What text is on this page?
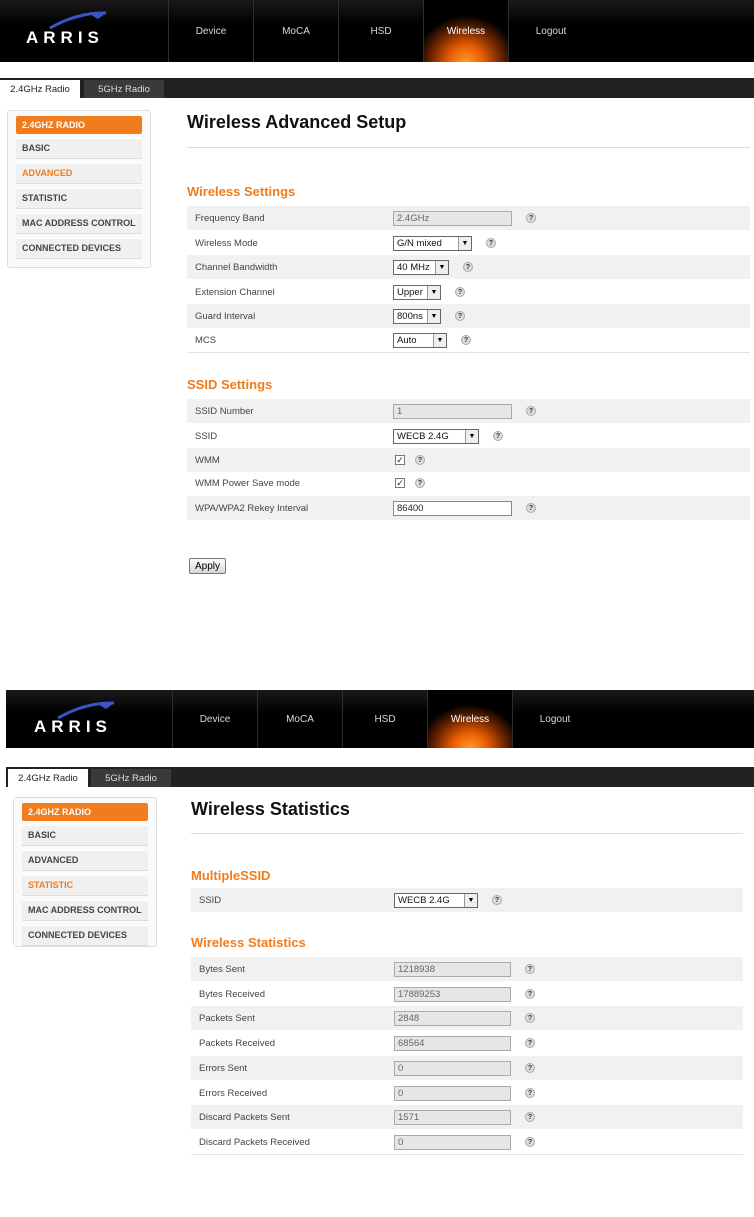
ARRIS	Device	MoCA	HSD	Wireless	Logout
2.4GHz Radio	5GHz Radio
2.4GHZ RADIO
BASIC
ADVANCED
STATISTIC
MAC ADDRESS CONTROL
CONNECTED DEVICES
Wireless Advanced Setup
Wireless Settings
Frequency Band	2.4GHz	?
Wireless Mode	G/N mixed	▼	?
Channel Bandwidth	40 MHz	▼	?
Extension Channel	Upper	▼	?
Guard Interval	800ns	▼	?
MCS	Auto	▼	?
SSID Settings
SSID Number	1	?
SSID	WECB 2.4G	▼	?
WMM	✓	?
WMM Power Save mode	✓	?
WPA/WPA2 Rekey Interval	86400	?
Apply
ARRIS	Device	MoCA	HSD	Wireless	Logout
2.4GHz Radio	5GHz Radio
2.4GHZ RADIO
BASIC
ADVANCED
STATISTIC
MAC ADDRESS CONTROL
CONNECTED DEVICES
Wireless Statistics
MultipleSSID
SSID	WECB 2.4G	▼	?
Wireless Statistics
Bytes Sent	1218938	?
Bytes Received	17889253	?
Packets Sent	2848	?
Packets Received	68564	?
Errors Sent	0	?
Errors Received	0	?
Discard Packets Sent	1571	?
Discard Packets Received	0	?
